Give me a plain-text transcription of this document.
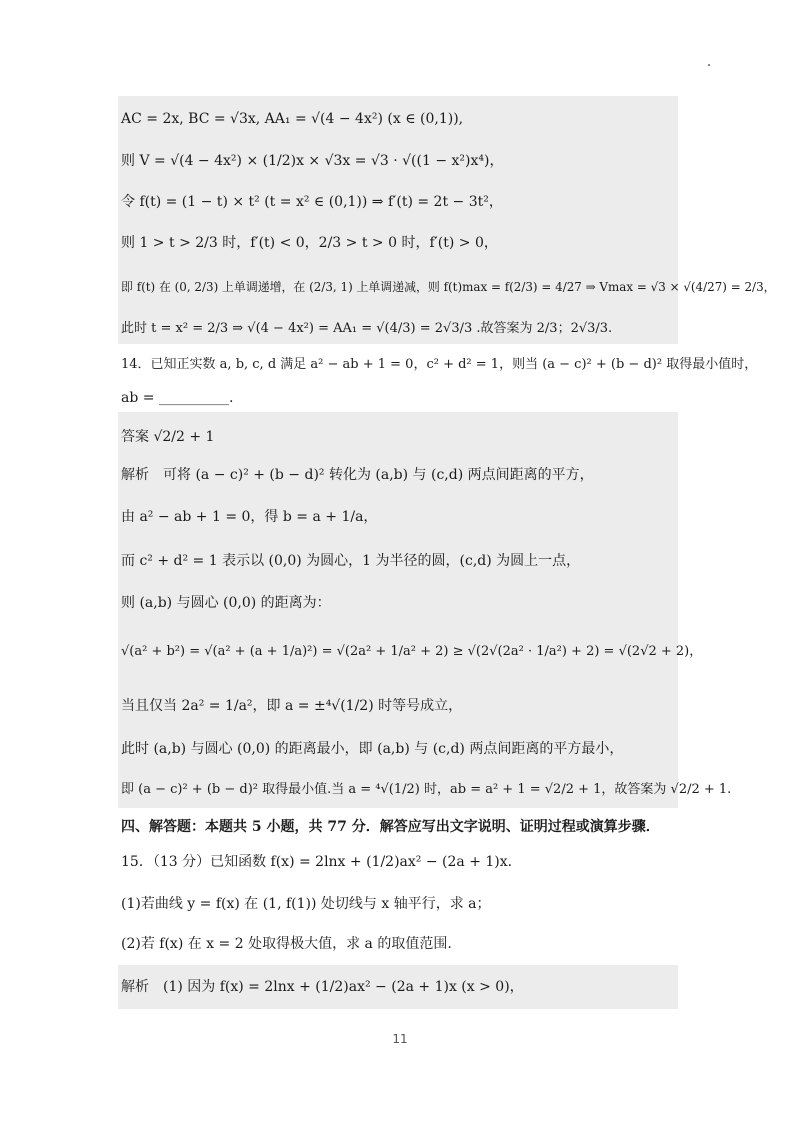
AC = 2x, BC = √3x, AA₁ = √(4 − 4x²) (x ∈ (0,1)),
则 V = √(4 − 4x²) × (1/2)x × √3x = √3 · √((1 − x²)x⁴)，
令 f(t) = (1 − t) × t² (t = x² ∈ (0,1)) ⇒ f′(t) = 2t − 3t²，
则 1 > t > 2/3 时，f′(t) < 0，2/3 > t > 0 时，f′(t) > 0，
即 f(t) 在 (0, 2/3) 上单调递增，在 (2/3, 1) 上单调递减，则 f(t)max = f(2/3) = 4/27 ⇒ Vmax = √3 × √(4/27) = 2/3，
此时 t = x² = 2/3 ⇒ √(4 − 4x²) = AA₁ = √(4/3) = 2√3/3 .故答案为 2/3；2√3/3.
14．已知正实数 a, b, c, d 满足 a² − ab + 1 = 0，c² + d² = 1，则当 (a − c)² + (b − d)² 取得最小值时，
ab = __________.
答案 √2/2 + 1
解析　可将 (a − c)² + (b − d)² 转化为 (a,b) 与 (c,d) 两点间距离的平方，
由 a² − ab + 1 = 0，得 b = a + 1/a，
而 c² + d² = 1 表示以 (0,0) 为圆心，1 为半径的圆，(c,d) 为圆上一点，
则 (a,b) 与圆心 (0,0) 的距离为：
√(a² + b²) = √(a² + (a + 1/a)²) = √(2a² + 1/a² + 2) ≥ √(2√(2a² · 1/a²) + 2) = √(2√2 + 2)，
当且仅当 2a² = 1/a²，即 a = ±⁴√(1/2) 时等号成立，
此时 (a,b) 与圆心 (0,0) 的距离最小，即 (a,b) 与 (c,d) 两点间距离的平方最小，
即 (a − c)² + (b − d)² 取得最小值.当 a = ⁴√(1/2) 时，ab = a² + 1 = √2/2 + 1，故答案为 √2/2 + 1.
四、解答题：本题共 5 小题，共 77 分．解答应写出文字说明、证明过程或演算步骤．
15．（13 分）已知函数 f(x) = 2lnx + (1/2)ax² − (2a + 1)x.
(1)若曲线 y = f(x) 在 (1, f(1)) 处切线与 x 轴平行，求 a；
(2)若 f(x) 在 x = 2 处取得极大值，求 a 的取值范围.
解析　(1) 因为 f(x) = 2lnx + (1/2)ax² − (2a + 1)x (x > 0)，
11
